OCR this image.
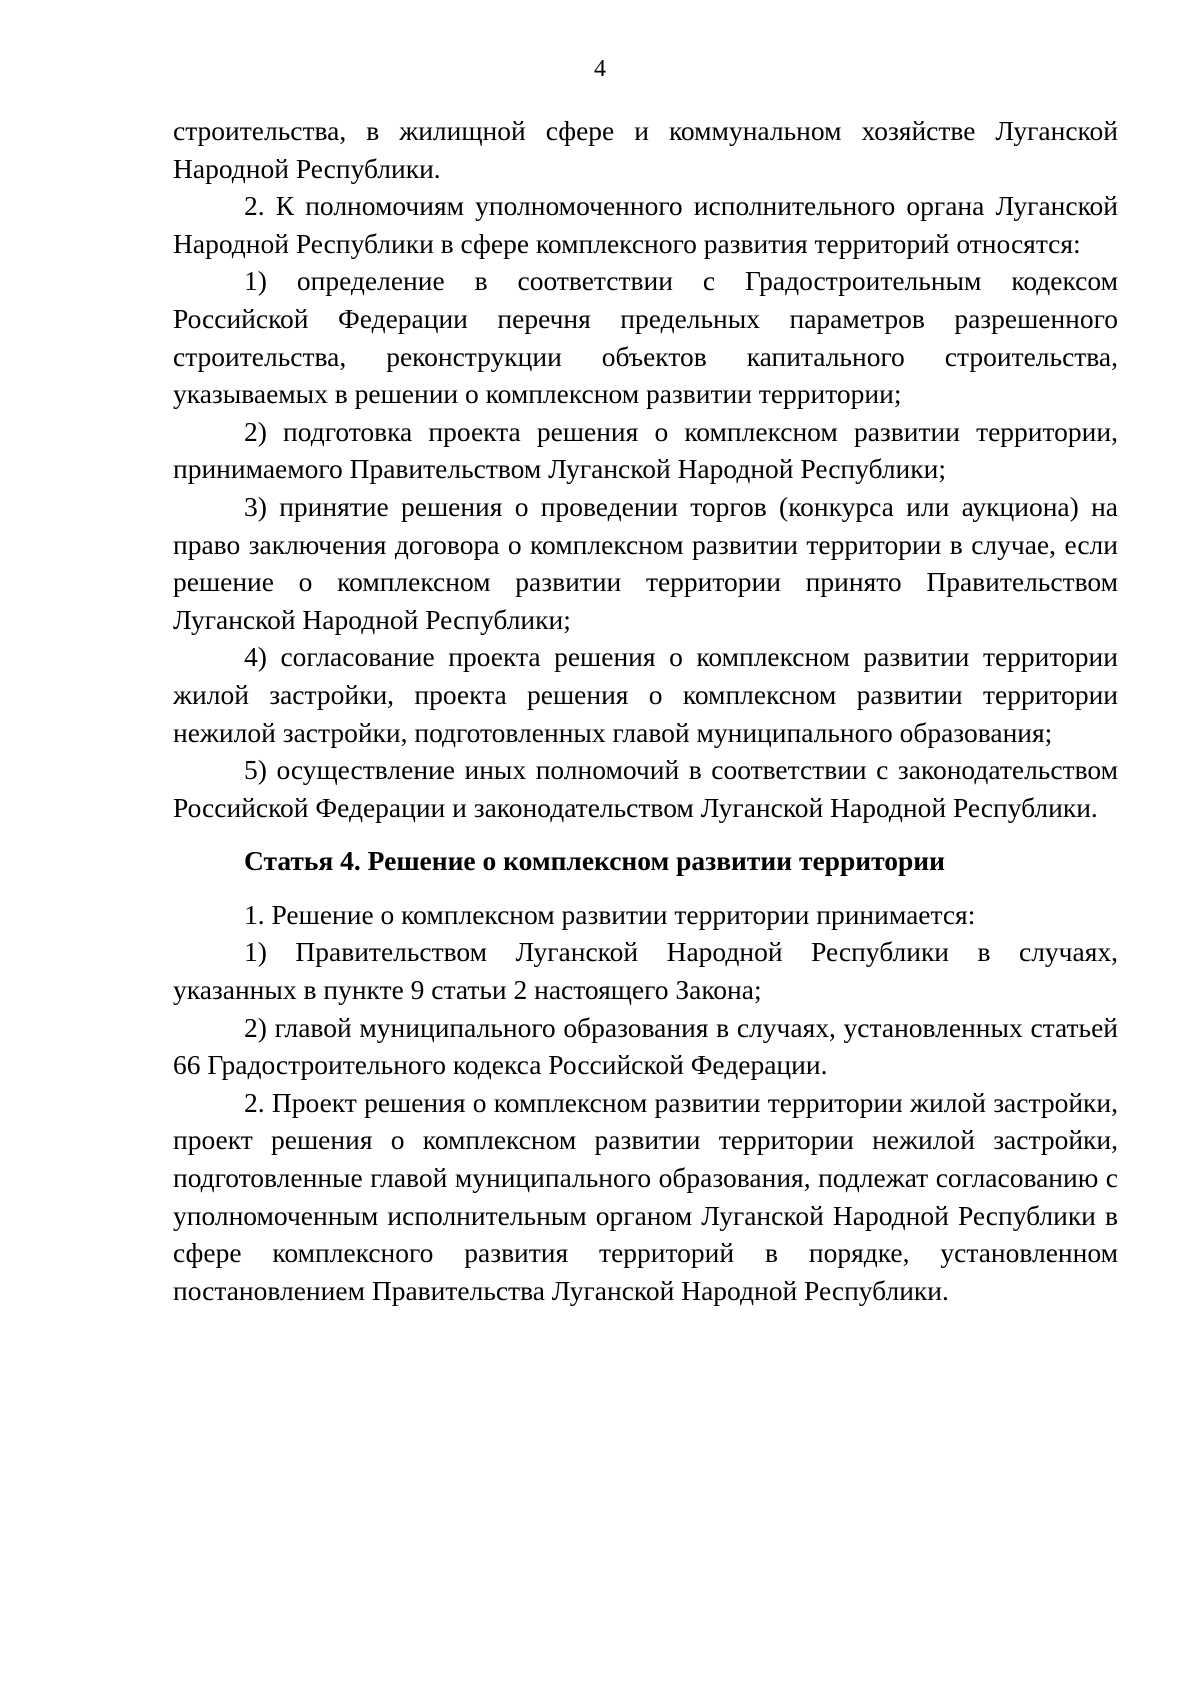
4

строительства, в жилищной сфере и коммунальном хозяйстве Луганской Народной Республики.

2. К полномочиям уполномоченного исполнительного органа Луганской Народной Республики в сфере комплексного развития территорий относятся:

1) определение в соответствии с Градостроительным кодексом Российской Федерации перечня предельных параметров разрешенного строительства, реконструкции объектов капитального строительства, указываемых в решении о комплексном развитии территории;

2) подготовка проекта решения о комплексном развитии территории, принимаемого Правительством Луганской Народной Республики;

3) принятие решения о проведении торгов (конкурса или аукциона) на право заключения договора о комплексном развитии территории в случае, если решение о комплексном развитии территории принято Правительством Луганской Народной Республики;

4) согласование проекта решения о комплексном развитии территории жилой застройки, проекта решения о комплексном развитии территории нежилой застройки, подготовленных главой муниципального образования;

5) осуществление иных полномочий в соответствии с законодательством Российской Федерации и законодательством Луганской Народной Республики.

Статья 4. Решение о комплексном развитии территории

1. Решение о комплексном развитии территории принимается:

1) Правительством Луганской Народной Республики в случаях, указанных в пункте 9 статьи 2 настоящего Закона;

2) главой муниципального образования в случаях, установленных статьей 66 Градостроительного кодекса Российской Федерации.

2. Проект решения о комплексном развитии территории жилой застройки, проект решения о комплексном развитии территории нежилой застройки, подготовленные главой муниципального образования, подлежат согласованию с уполномоченным исполнительным органом Луганской Народной Республики в сфере комплексного развития территорий в порядке, установленном постановлением Правительства Луганской Народной Республики.
